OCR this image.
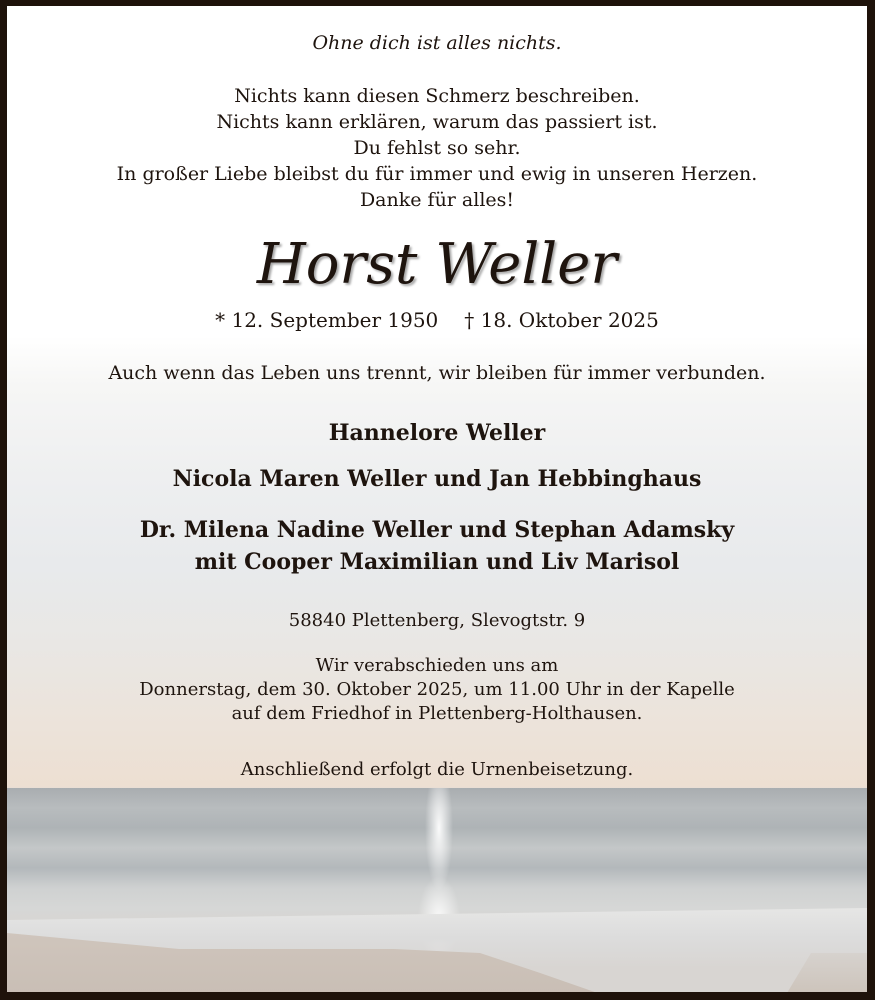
Ohne dich ist alles nichts.
Nichts kann diesen Schmerz beschreiben.
Nichts kann erklären, warum das passiert ist.
Du fehlst so sehr.
In großer Liebe bleibst du für immer und ewig in unseren Herzen.
Danke für alles!
Horst Weller
* 12. September 1950 † 18. Oktober 2025
Auch wenn das Leben uns trennt, wir bleiben für immer verbunden.
Hannelore Weller
Nicola Maren Weller und Jan Hebbinghaus
Dr. Milena Nadine Weller und Stephan Adamsky
mit Cooper Maximilian und Liv Marisol
58840 Plettenberg, Slevogtstr. 9
Wir verabschieden uns am
Donnerstag, dem 30. Oktober 2025, um 11.00 Uhr in der Kapelle
auf dem Friedhof in Plettenberg-Holthausen.
Anschließend erfolgt die Urnenbeisetzung.
